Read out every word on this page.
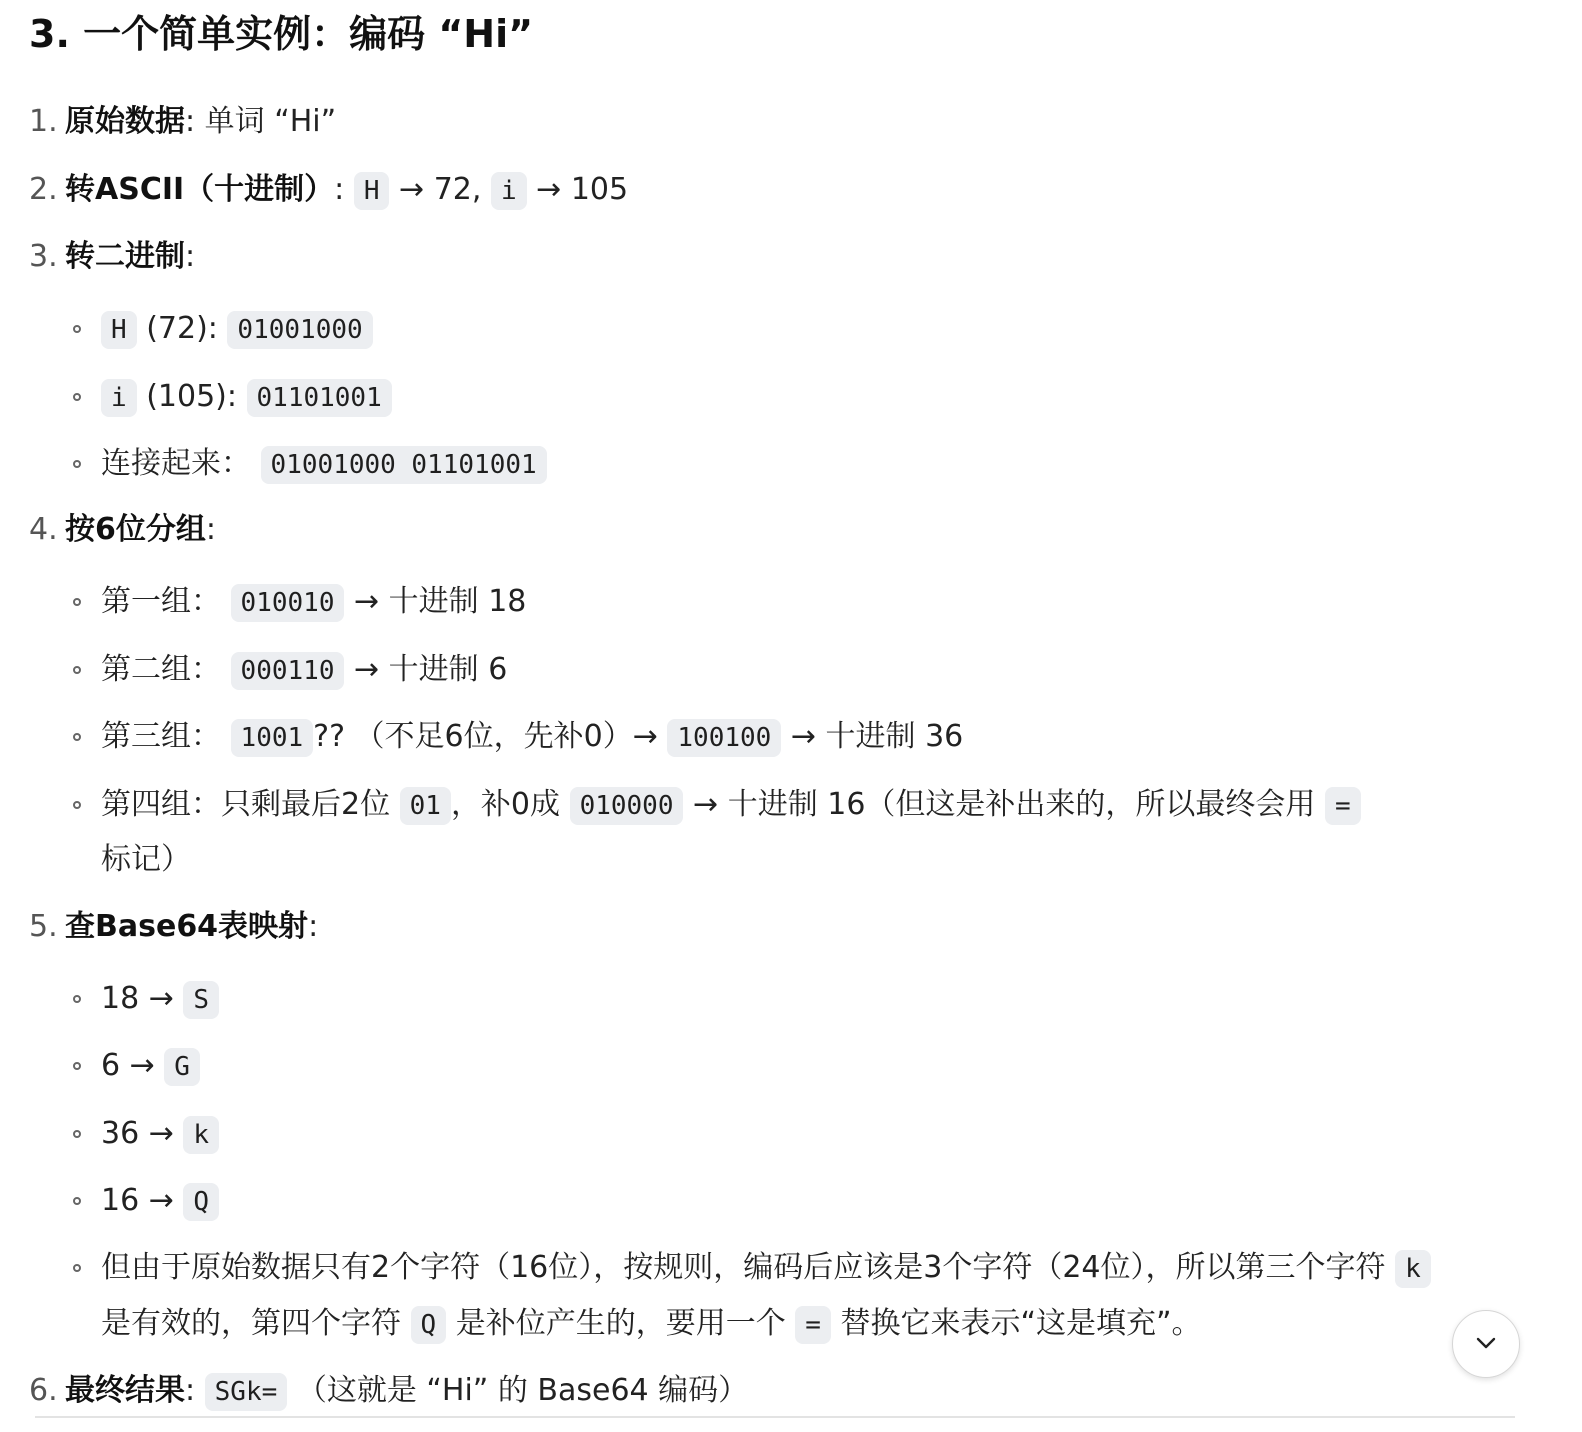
3. 一个简单实例：编码 “Hi”
1. 原始数据: 单词 “Hi”
2. 转ASCII（十进制）: H → 72, i → 105
3. 转二进制:
H (72): 01001000
i (105): 01101001
连接起来： 01001000 01101001
4. 按6位分组:
第一组： 010010 → 十进制 18
第二组： 000110 → 十进制 6
第三组： 1001 ?? （不足6位，先补0）→ 100100 → 十进制 36
第四组：只剩最后2位 01 ，补0成 010000 → 十进制 16（但这是补出来的，所以最终会用 =
标记）
5. 查Base64表映射:
18 → S
6 → G
36 → k
16 → Q
但由于原始数据只有2个字符（16位），按规则，编码后应该是3个字符（24位），所以第三个字符 k
是有效的，第四个字符 Q 是补位产生的，要用一个 = 替换它来表示“这是填充”。
6. 最终结果: SGk= （这就是 “Hi” 的 Base64 编码）
